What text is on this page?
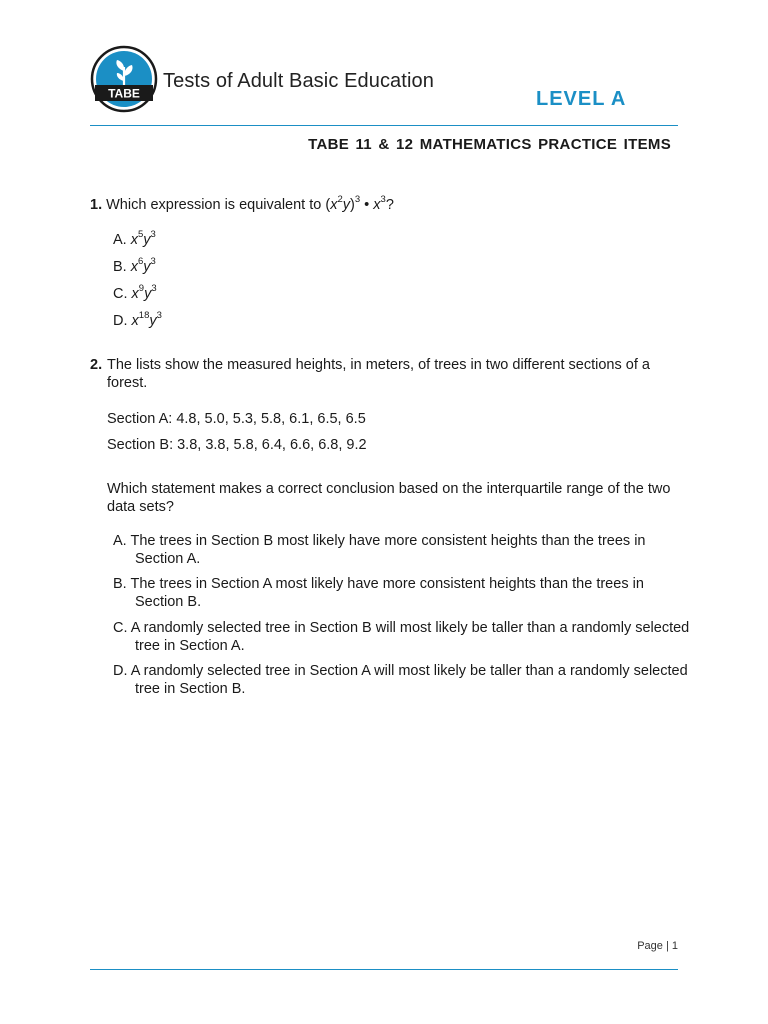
TABE
Tests of Adult Basic Education
LEVEL A
TABE 11 & 12 MATHEMATICS PRACTICE ITEMS
1. Which expression is equivalent to $(x^2y)^3$ • $x^3$?
A. $x^5y^3$
B. $x^6y^3$
C. $x^9y^3$
D. $x^{18}y^3$
2. The lists show the measured heights, in meters, of trees in two different sections of a forest.
Section A: 4.8, 5.0, 5.3, 5.8, 6.1, 6.5, 6.5
Section B: 3.8, 3.8, 5.8, 6.4, 6.6, 6.8, 9.2
Which statement makes a correct conclusion based on the interquartile range of the two data sets?
A. The trees in Section B most likely have more consistent heights than the trees in Section A.
B. The trees in Section A most likely have more consistent heights than the trees in Section B.
C. A randomly selected tree in Section B will most likely be taller than a randomly selected tree in Section A.
D. A randomly selected tree in Section A will most likely be taller than a randomly selected tree in Section B.
Page | 1
